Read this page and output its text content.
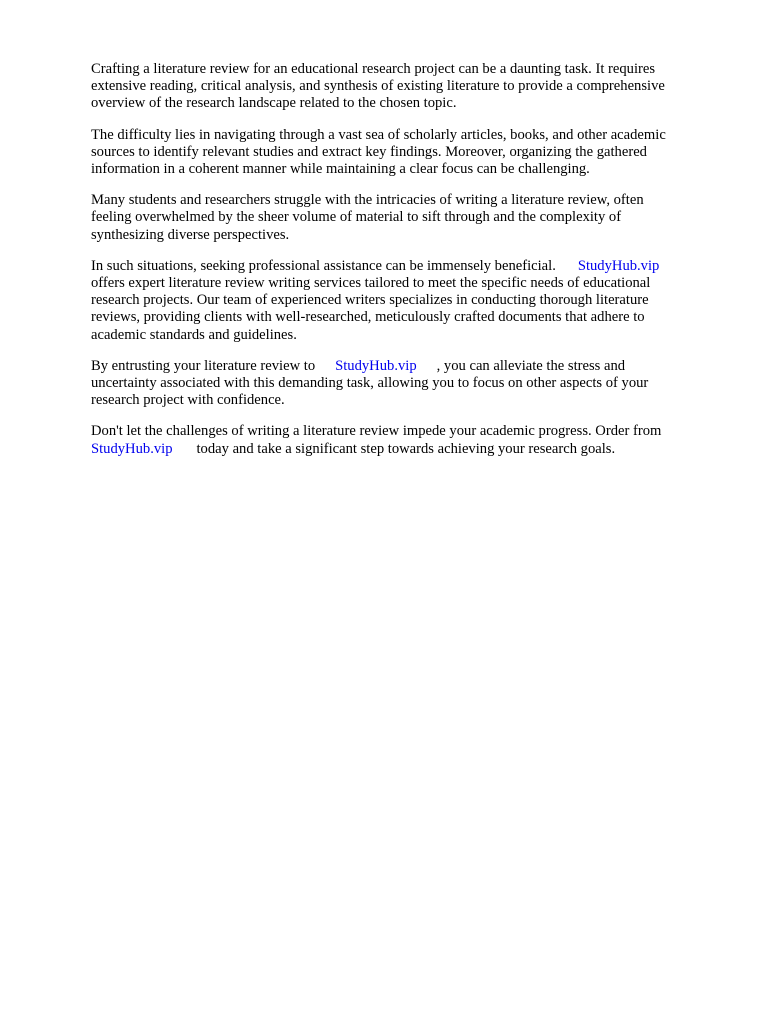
Crafting a literature review for an educational research project can be a daunting task. It requires
extensive reading, critical analysis, and synthesis of existing literature to provide a comprehensive
overview of the research landscape related to the chosen topic.

The difficulty lies in navigating through a vast sea of scholarly articles, books, and other academic
sources to identify relevant studies and extract key findings. Moreover, organizing the gathered
information in a coherent manner while maintaining a clear focus can be challenging.

Many students and researchers struggle with the intricacies of writing a literature review, often
feeling overwhelmed by the sheer volume of material to sift through and the complexity of
synthesizing diverse perspectives.

In such situations, seeking professional assistance can be immensely beneficial. StudyHub.vip
offers expert literature review writing services tailored to meet the specific needs of educational
research projects. Our team of experienced writers specializes in conducting thorough literature
reviews, providing clients with well-researched, meticulously crafted documents that adhere to
academic standards and guidelines.

By entrusting your literature review to StudyHub.vip , you can alleviate the stress and
uncertainty associated with this demanding task, allowing you to focus on other aspects of your
research project with confidence.

Don't let the challenges of writing a literature review impede your academic progress. Order from
StudyHub.vip today and take a significant step towards achieving your research goals.
